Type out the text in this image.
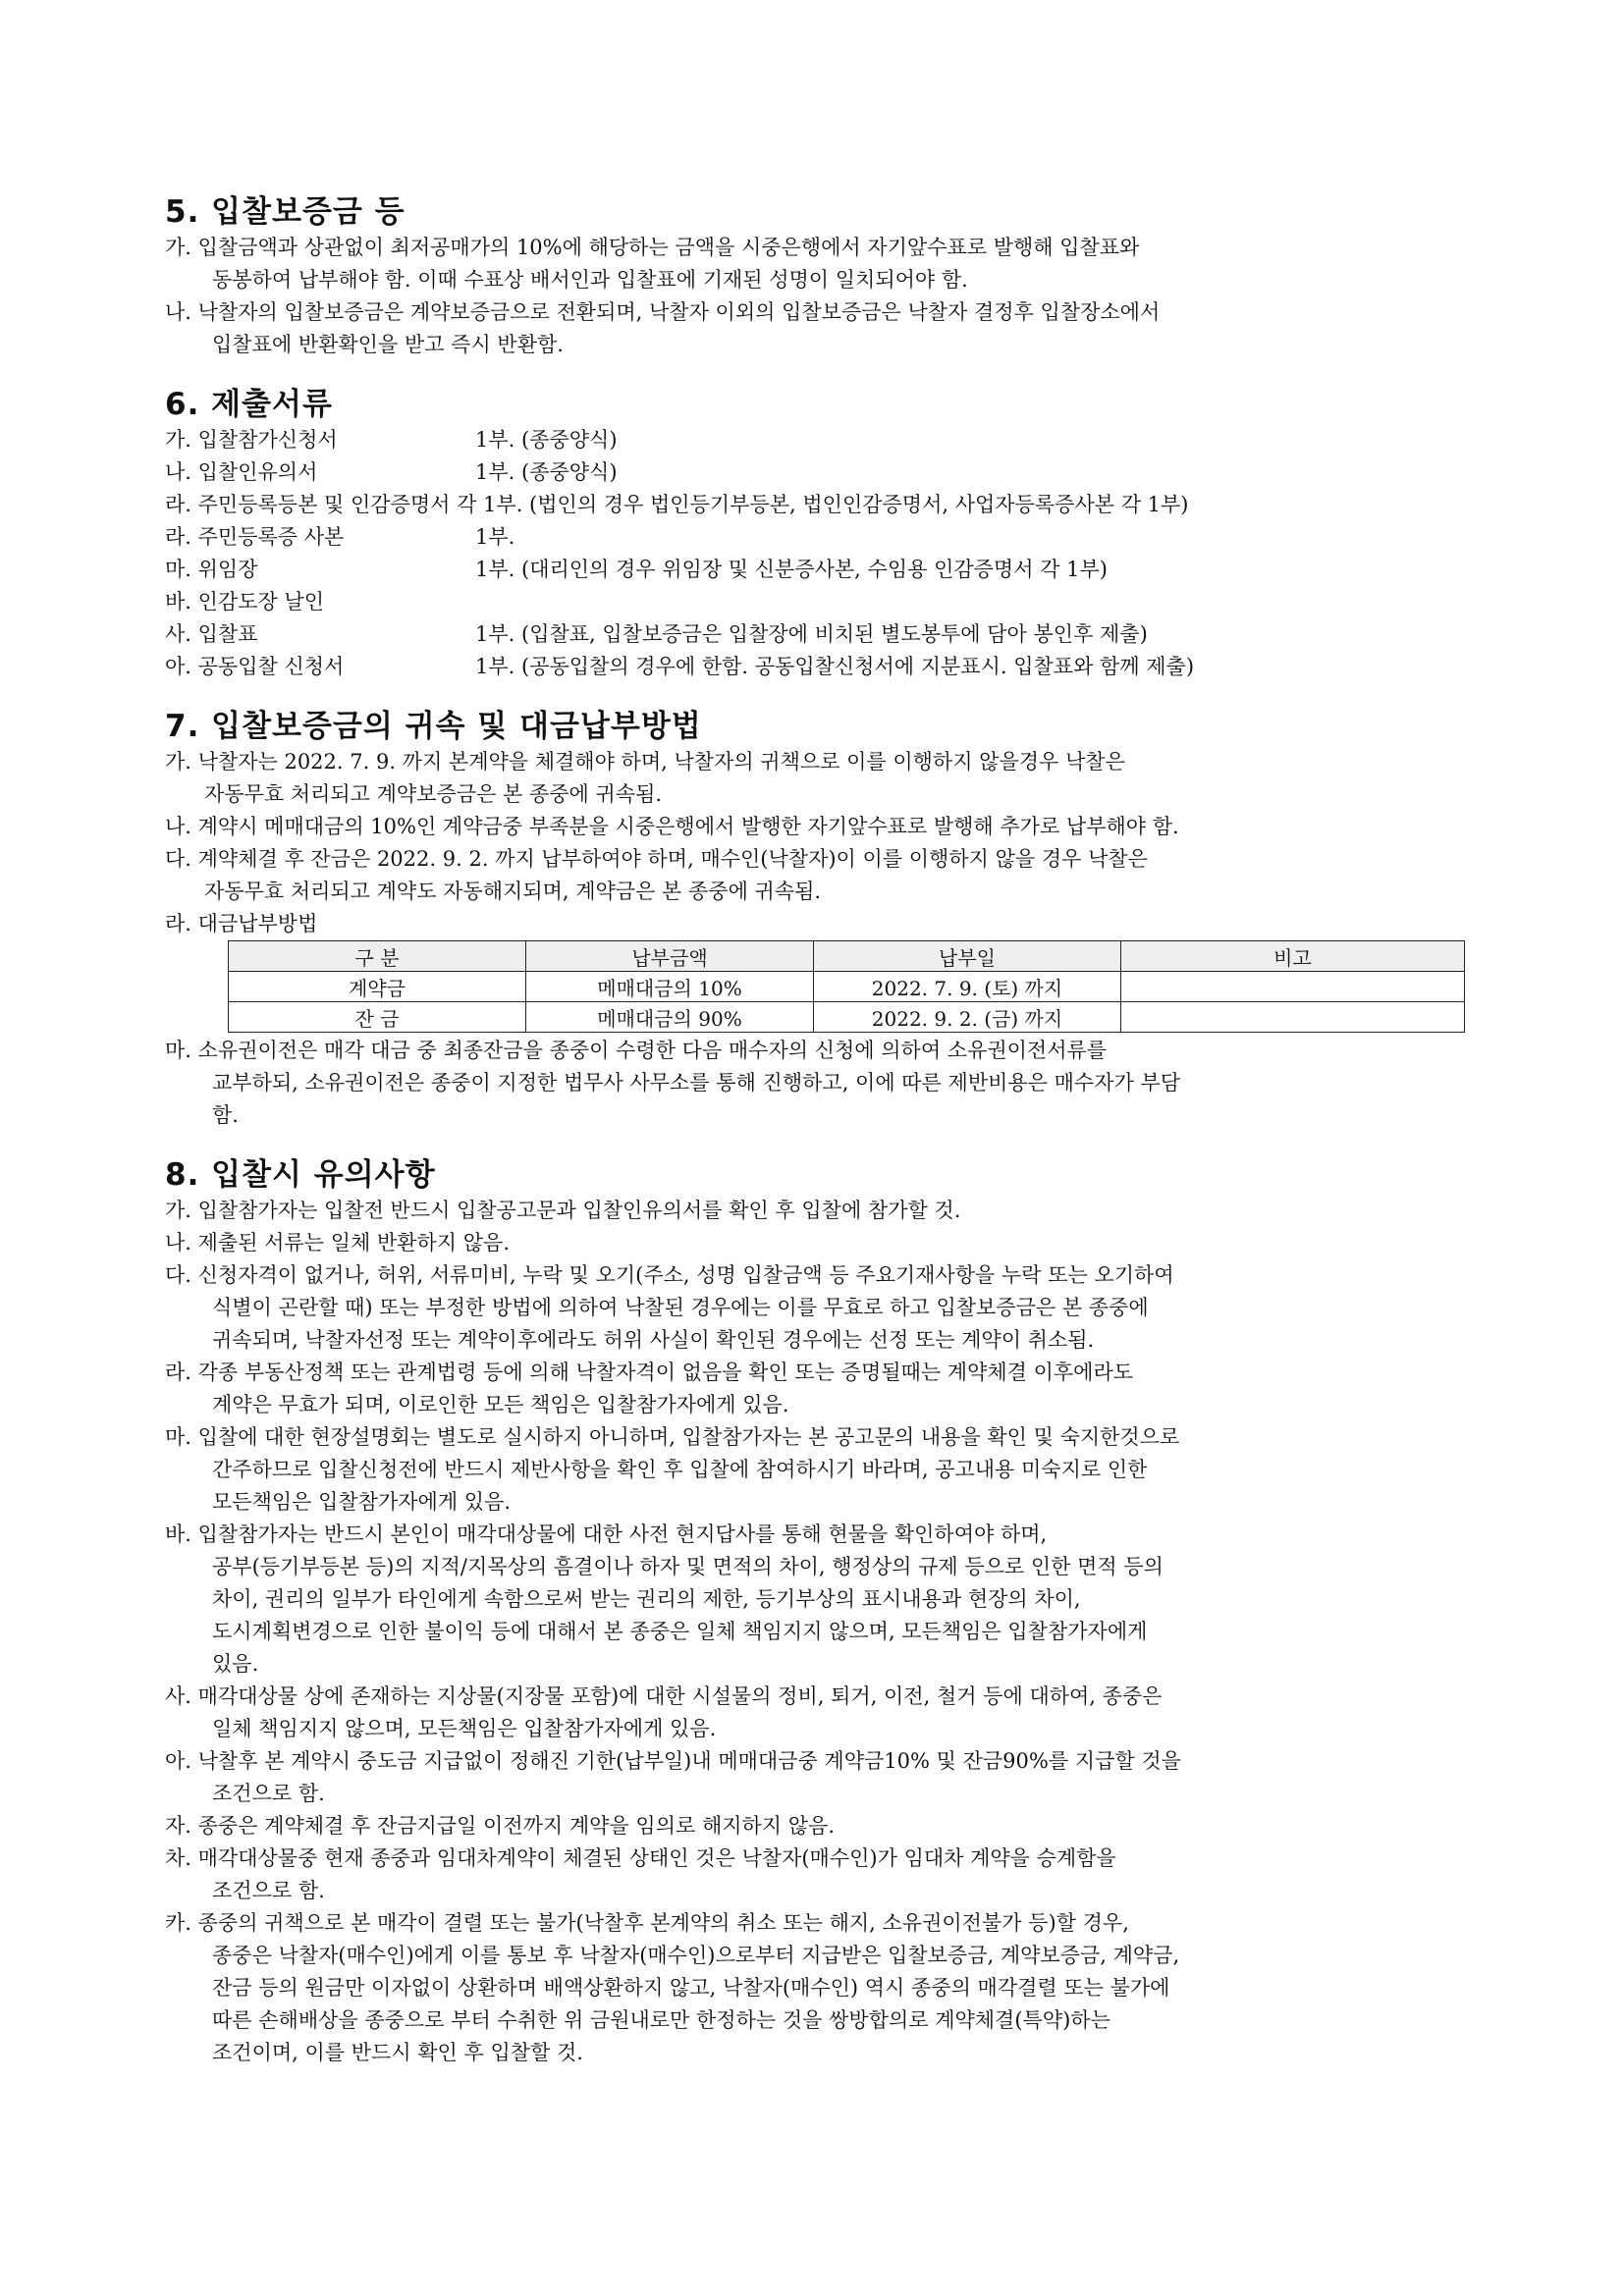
5. 입찰보증금 등

가. 입찰금액과 상관없이 최저공매가의 10%에 해당하는 금액을 시중은행에서 자기앞수표로 발행해 입찰표와

동봉하여 납부해야 함. 이때 수표상 배서인과 입찰표에 기재된 성명이 일치되어야 함.

나. 낙찰자의 입찰보증금은 계약보증금으로 전환되며, 낙찰자 이외의 입찰보증금은 낙찰자 결정후 입찰장소에서

입찰표에 반환확인을 받고 즉시 반환함.

6. 제출서류
가. 입찰참가신청서	1부. (종중양식)
나. 입찰인유의서	1부. (종중양식)
라. 주민등록등본 및 인감증명서 각 1부. (법인의 경우 법인등기부등본, 법인인감증명서, 사업자등록증사본 각 1부)
라. 주민등록증 사본	1부.
마. 위임장	1부. (대리인의 경우 위임장 및 신분증사본, 수임용 인감증명서 각 1부)
바. 인감도장 날인
사. 입찰표	1부. (입찰표, 입찰보증금은 입찰장에 비치된 별도봉투에 담아 봉인후 제출)
아. 공동입찰 신청서	1부. (공동입찰의 경우에 한함. 공동입찰신청서에 지분표시. 입찰표와 함께 제출)
7. 입찰보증금의 귀속 및 대금납부방법

가. 낙찰자는 2022. 7. 9. 까지 본계약을 체결해야 하며, 낙찰자의 귀책으로 이를 이행하지 않을경우 낙찰은

자동무효 처리되고 계약보증금은 본 종중에 귀속됨.

나. 계약시 메매대금의 10%인 계약금중 부족분을 시중은행에서 발행한 자기앞수표로 발행해 추가로 납부해야 함.

다. 계약체결 후 잔금은 2022. 9. 2. 까지 납부하여야 하며, 매수인(낙찰자)이 이를 이행하지 않을 경우 낙찰은

자동무효 처리되고 계약도 자동해지되며, 계약금은 본 종중에 귀속됨.

라. 대금납부방법

구 분	납부금액	납부일	비고
계약금	메매대금의 10%	2022. 7. 9. (토) 까지	
잔 금	메매대금의 90%	2022. 9. 2. (금) 까지	

마. 소유권이전은 매각 대금 중 최종잔금을 종중이 수령한 다음 매수자의 신청에 의하여 소유권이전서류를

교부하되, 소유권이전은 종중이 지정한 법무사 사무소를 통해 진행하고, 이에 따른 제반비용은 매수자가 부담

함.

8. 입찰시 유의사항

가. 입찰참가자는 입찰전 반드시 입찰공고문과 입찰인유의서를 확인 후 입찰에 참가할 것.

나. 제출된 서류는 일체 반환하지 않음.

다. 신청자격이 없거나, 허위, 서류미비, 누락 및 오기(주소, 성명 입찰금액 등 주요기재사항을 누락 또는 오기하여

식별이 곤란할 때) 또는 부정한 방법에 의하여 낙찰된 경우에는 이를 무효로 하고 입찰보증금은 본 종중에

귀속되며, 낙찰자선정 또는 계약이후에라도 허위 사실이 확인된 경우에는 선정 또는 계약이 취소됨.

라. 각종 부동산정책 또는 관계법령 등에 의해 낙찰자격이 없음을 확인 또는 증명될때는 계약체결 이후에라도

계약은 무효가 되며, 이로인한 모든 책임은 입찰참가자에게 있음.

마. 입찰에 대한 현장설명회는 별도로 실시하지 아니하며, 입찰참가자는 본 공고문의 내용을 확인 및 숙지한것으로

간주하므로 입찰신청전에 반드시 제반사항을 확인 후 입찰에 참여하시기 바라며, 공고내용 미숙지로 인한

모든책임은 입찰참가자에게 있음.

바. 입찰참가자는 반드시 본인이 매각대상물에 대한 사전 현지답사를 통해 현물을 확인하여야 하며,

공부(등기부등본 등)의 지적/지목상의 흠결이나 하자 및 면적의 차이, 행정상의 규제 등으로 인한 면적 등의

차이, 권리의 일부가 타인에게 속함으로써 받는 권리의 제한, 등기부상의 표시내용과 현장의 차이,

도시계획변경으로 인한 불이익 등에 대해서 본 종중은 일체 책임지지 않으며, 모든책임은 입찰참가자에게

있음.

사. 매각대상물 상에 존재하는 지상물(지장물 포함)에 대한 시설물의 정비, 퇴거, 이전, 철거 등에 대하여, 종중은

일체 책임지지 않으며, 모든책임은 입찰참가자에게 있음.

아. 낙찰후 본 계약시 중도금 지급없이 정해진 기한(납부일)내 메매대금중 계약금10% 및 잔금90%를 지급할 것을

조건으로 함.

자. 종중은 계약체결 후 잔금지급일 이전까지 계약을 임의로 해지하지 않음.

차. 매각대상물중 현재 종중과 임대차계약이 체결된 상태인 것은 낙찰자(매수인)가 임대차 계약을 승계함을

조건으로 함.

카. 종중의 귀책으로 본 매각이 결렬 또는 불가(낙찰후 본계약의 취소 또는 해지, 소유권이전불가 등)할 경우,

종중은 낙찰자(매수인)에게 이를 통보 후 낙찰자(매수인)으로부터 지급받은 입찰보증금, 계약보증금, 계약금,

잔금 등의 원금만 이자없이 상환하며 배액상환하지 않고, 낙찰자(매수인) 역시 종중의 매각결렬 또는 불가에

따른 손해배상을 종중으로 부터 수취한 위 금원내로만 한정하는 것을 쌍방합의로 계약체결(특약)하는

조건이며, 이를 반드시 확인 후 입찰할 것.
